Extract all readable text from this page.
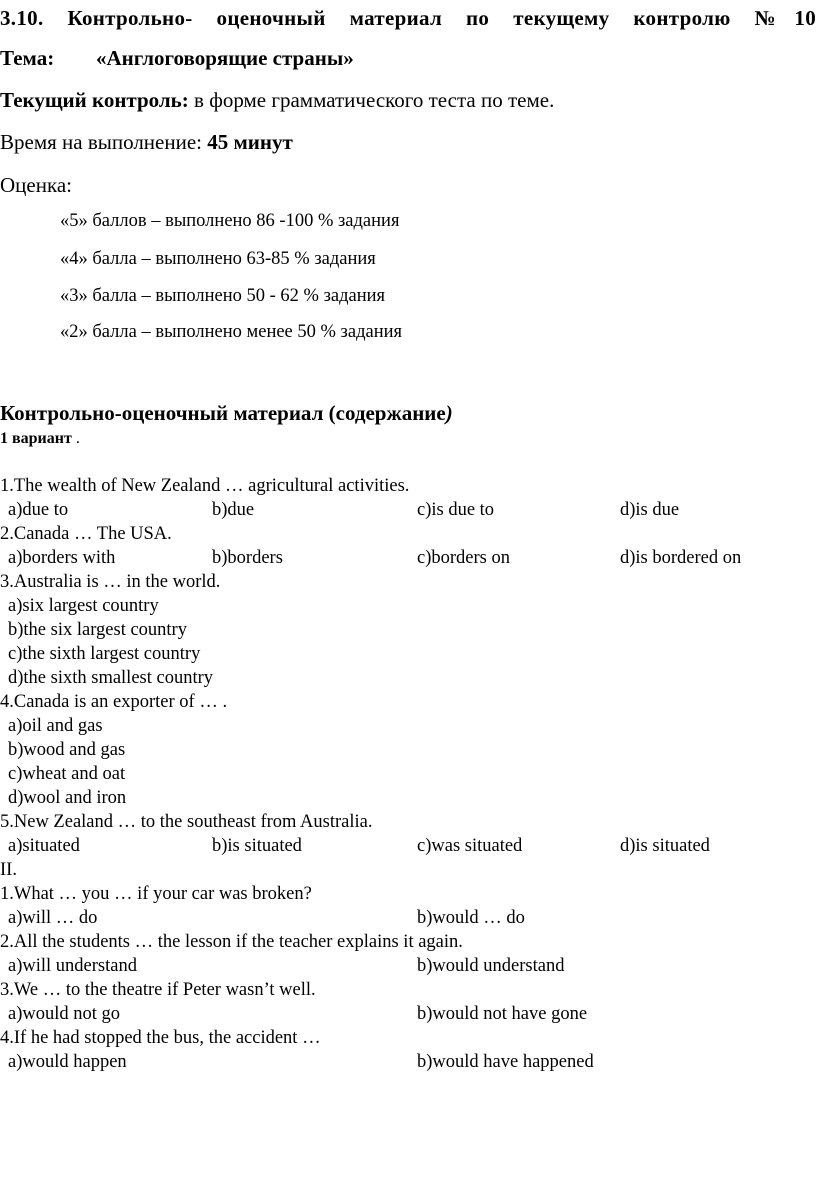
3.10. Контрольно- оценочный материал по текущему контролю №10
Тема: «Англоговорящие страны»
Текущий контроль: в форме грамматического теста по теме.
Время на выполнение: 45 минут
Оценка:
«5» баллов – выполнено 86 -100 % задания
«4» балла – выполнено 63-85 % задания
«3» балла – выполнено 50 - 62 % задания
«2» балла – выполнено менее 50 % задания
Контрольно-оценочный материал (содержание)
1 вариант .
1.The wealth of New Zealand … agricultural activities.
a)due to	b)due	c)is due to	d)is due
2.Canada … The USA.
a)borders with	b)borders	c)borders on	d)is bordered on
3.Australia is … in the world.
a)six largest country
b)the six largest country
c)the sixth largest country
d)the sixth smallest country
4.Canada is an exporter of … .
a)oil and gas
b)wood and gas
c)wheat and oat
d)wool and iron
5.New Zealand … to the southeast from Australia.
a)situated	b)is situated	c)was situated	d)is situated
II.
1.What … you … if your car was broken?
a)will … do	b)would … do
2.All the students … the lesson if the teacher explains it again.
a)will understand	b)would understand
3.We … to the theatre if Peter wasn’t well.
a)would not go	b)would not have gone
4.If he had stopped the bus, the accident …
a)would happen	b)would have happened
